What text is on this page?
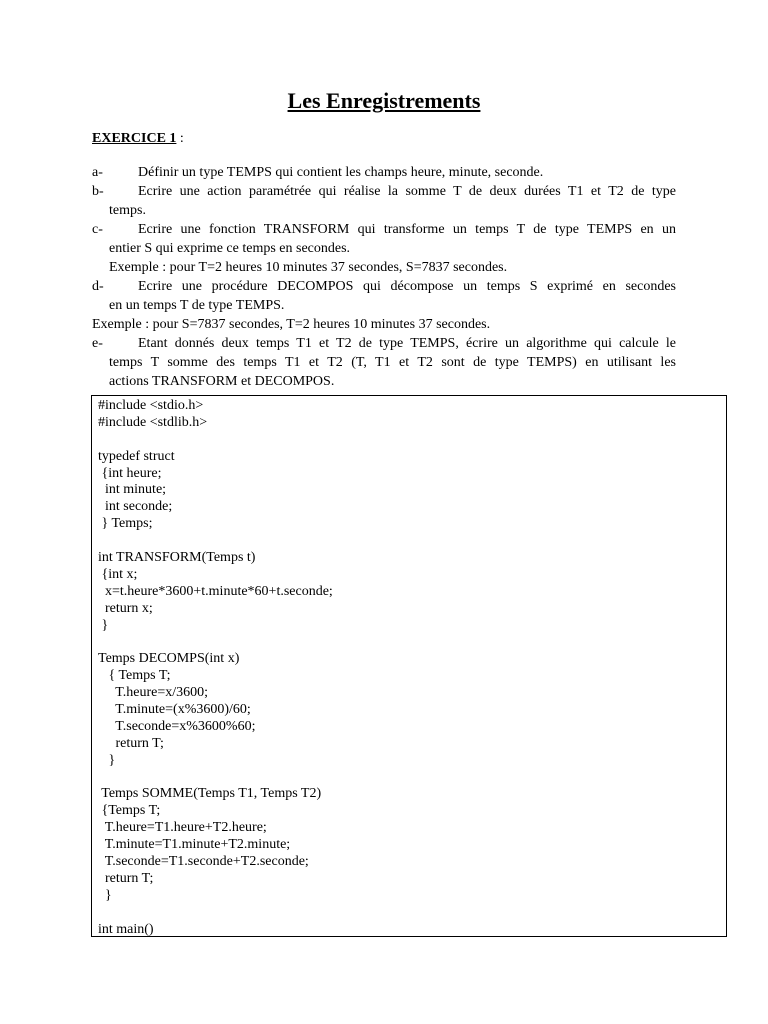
Les Enregistrements
EXERCICE 1 :
a-	Définir un type TEMPS qui contient les champs heure, minute, seconde.
b-	Ecrire une action paramétrée qui réalise la somme T de deux durées T1 et T2 de type
temps.
c-	Ecrire une fonction TRANSFORM qui transforme un temps T de type TEMPS en un
entier S qui exprime ce temps en secondes.
Exemple : pour T=2 heures 10 minutes 37 secondes, S=7837 secondes.
d-	Ecrire une procédure DECOMPOS qui décompose un temps S exprimé en secondes
en un temps T de type TEMPS.
Exemple : pour S=7837 secondes, T=2 heures 10 minutes 37 secondes.
e-	Etant donnés deux temps T1 et T2 de type TEMPS, écrire un algorithme qui calcule le
temps T somme des temps T1 et T2 (T, T1 et T2 sont de type TEMPS) en utilisant les
actions TRANSFORM et DECOMPOS.
#include <stdio.h>
#include <stdlib.h>
typedef struct
{int heure;
int minute;
int seconde;
} Temps;
int TRANSFORM(Temps t)
{int x;
x=t.heure*3600+t.minute*60+t.seconde;
return x;
}
Temps DECOMPS(int x)
{ Temps T;
T.heure=x/3600;
T.minute=(x%3600)/60;
T.seconde=x%3600%60;
return T;
}
Temps SOMME(Temps T1, Temps T2)
{Temps T;
T.heure=T1.heure+T2.heure;
T.minute=T1.minute+T2.minute;
T.seconde=T1.seconde+T2.seconde;
return T;
}
int main()
